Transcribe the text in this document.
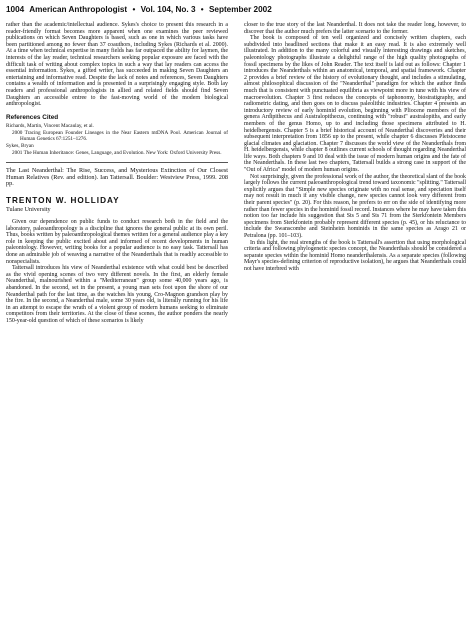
1004 American Anthropologist • Vol. 104, No. 3 • September 2002

rather than the academic/intellectual audience. Sykes's choice to present this research in a reader-friendly format becomes more apparent when one examines the peer reviewed publications on which Seven Daughters is based, such as one in which various tasks have been partitioned among no fewer than 37 coauthors, including Sykes (Richards et al. 2000). At a time when technical expertise in many fields has far outpaced the ability for laymen, the interests of the lay reader, technical researchers seeking popular exposure are faced with the difficult task of writing about complex topics in such a way that lay readers can access the essential information. Sykes, a gifted writer, has succeeded in making Seven Daughters an entertaining and informative read. Despite the lack of notes and references, Seven Daughters contains a wealth of information and is presented in a surprisingly engaging style. Both lay readers and professional anthropologists in allied and related fields should find Seven Daughters an accessible entree to the fast-moving world of the modern biological anthropologist.

References Cited

Richards, Martin, Vincent Macaulay, et al.

2000 Tracing European Founder Lineages in the Near Eastern mtDNA Pool. American Journal of Human Genetics 67:1251–1276.

Sykes, Bryan

2001 The Human Inheritance: Genes, Language, and Evolution. New York: Oxford University Press.

The Last Neanderthal: The Rise, Success, and Mysterious Extinction of Our Closest Human Relatives (Rev. and edition). Ian Tattersall. Boulder: Westview Press, 1999. 208 pp.

TRENTON W. HOLLIDAY
Tulane University

Given our dependence on public funds to conduct research both in the field and the laboratory, paleoanthropology is a discipline that ignores the general public at its own peril. Thus, books written by paleoanthropological themes written for a general audience play a key role in keeping the public excited about and informed of recent developments in human paleontology. However, writing books for a popular audience is no easy task. Tattersall has done an admirable job of weaving a narrative of the Neanderthals that is readily accessible to nonspecialists.

Tattersall introduces his view of Neanderthal existence with what could best be described as the vivid opening scenes of two very different novels. In the first, an elderly female Neanderthal, malnourished within a "Mediterranean" group some 40,000 years ago, is abandoned. In the second, set in the present, a young man sets foot upon the shore of our Neanderthal path for the last time, as the watches his young, Cro-Magnon grandson play by the fire. In the second, a Neanderthal male, some 30 years old, is literally running for his life in an attempt to escape the wrath of a violent group of modern humans seeking to eliminate competitors from their territories. At the close of these scenes, the author ponders the nearly 150-year-old question of which of these scenarios is likely

closer to the true story of the last Neanderthal. It does not take the reader long, however, to discover that the author much prefers the latter scenario to the former.

The book is composed of ten well organized and concisely written chapters, each subdivided into headlined sections that make it an easy read. It is also extremely well illustrated. In addition to the many colorful and visually interesting drawings and sketches, paleontology photographs illustrate a delightful range of the high quality photographs of fossil specimens by the likes of John Reader. The text itself is laid out as follows: Chapter 1 introduces the Neanderthals within an anatomical, temporal, and spatial framework. Chapter 2 provides a brief review of the history of evolutionary thought, and includes a stimulating, almost philosophical discussion of the "Neanderthal" paradigm for which the author finds much that is consistent with punctuated equilibria as viewpoint more in tune with his view of macroevolution. Chapter 3 first reduces the concepts of taphonomy, biostratigraphy, and radiometric dating, and then goes on to discuss paleolithic industries. Chapter 4 presents an introductory review of early hominid evolution, beginning with Pliocene members of the genera Ardipithecus and Australopithecus, continuing with "robust" australopiths, and early members of the genus Homo, up to and including those specimens attributed to H. heidelbergensis. Chapter 5 is a brief historical account of Neanderthal discoveries and their subsequent interpretation from 1856 up to the present, while chapter 6 discusses Pleistocene glacial climates and glaciation. Chapter 7 discusses the world view of the Neanderthals from H. heidelbergensis, while chapter 8 outlines current schools of thought regarding Neanderthal life ways. Both chapters 9 and 10 deal with the issue of modern human origins and the fate of the Neanderthals. In these last two chapters, Tattersall builds a strong case in support of the "Out of Africa" model of modern human origins.

Not surprisingly, given the professional work of the author, the theoretical slant of the book largely follows the current paleoanthropological trend toward taxonomic "splitting." Tattersall explicitly argues that "Simple new species originate with no real sense, and speciation itself may not result in much if any visible change, new species cannot look very different from their parent species" (p. 20). For this reason, he prefers to err on the side of identifying more rather than fewer species in the hominid fossil record. Instances where he may have taken this notion too far include his suggestion that Sts 5 and Sts 71 from the Sterkfontein Members specimens from Sterkfontein probably represent different species (p. 45), or his reluctance to include the Swanscombe and Steinheim hominids in the same species as Arago 21 or Petralona (pp. 101–103).

In this light, the real strengths of the book is Tattersall's assertion that using morphological criteria and following phylogenetic species concept, the Neanderthals should be considered a separate species within the hominid Homo neanderthalensis. As a separate species (following Mayr's species-defining criterion of reproductive isolation), he argues that Neanderthals could not have interbred with
